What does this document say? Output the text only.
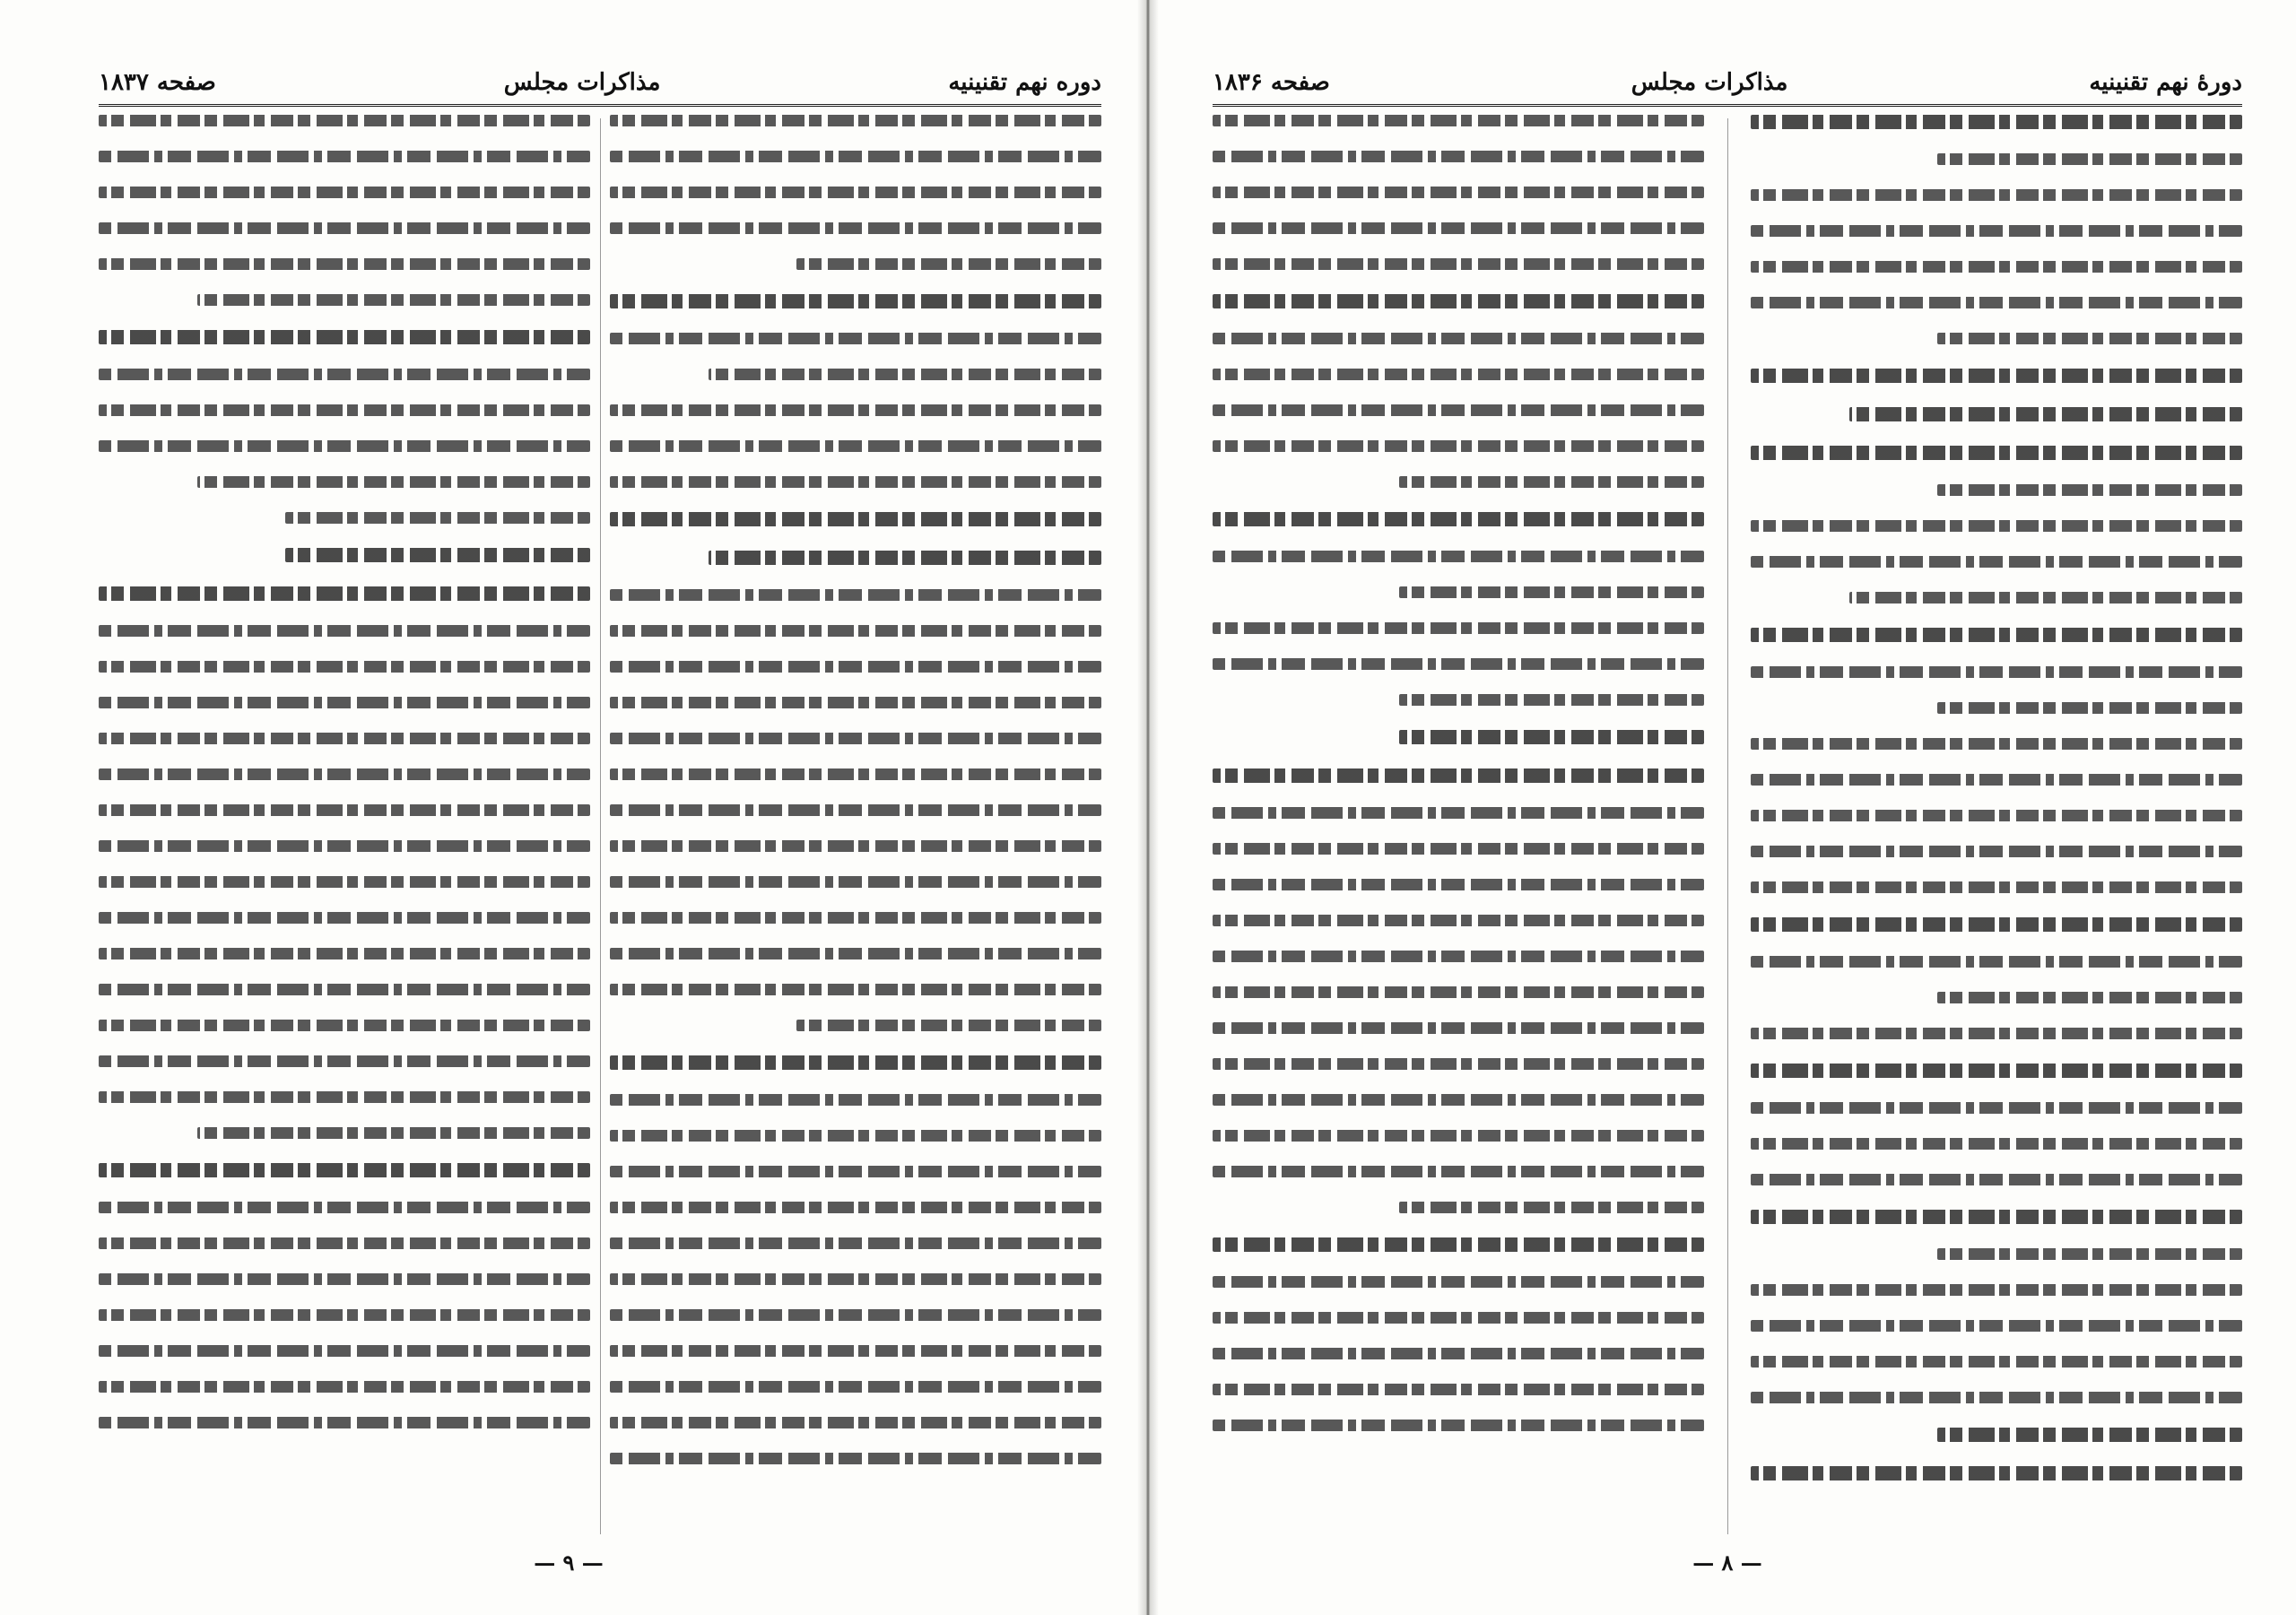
دوره نهم تقنینیه
مذاکرات مجلس
صفحه ۱۸۳۷
— ۹ —
دورهٔ نهم تقنینیه
مذاکرات مجلس
صفحه ۱۸۳۶
— ۸ —
